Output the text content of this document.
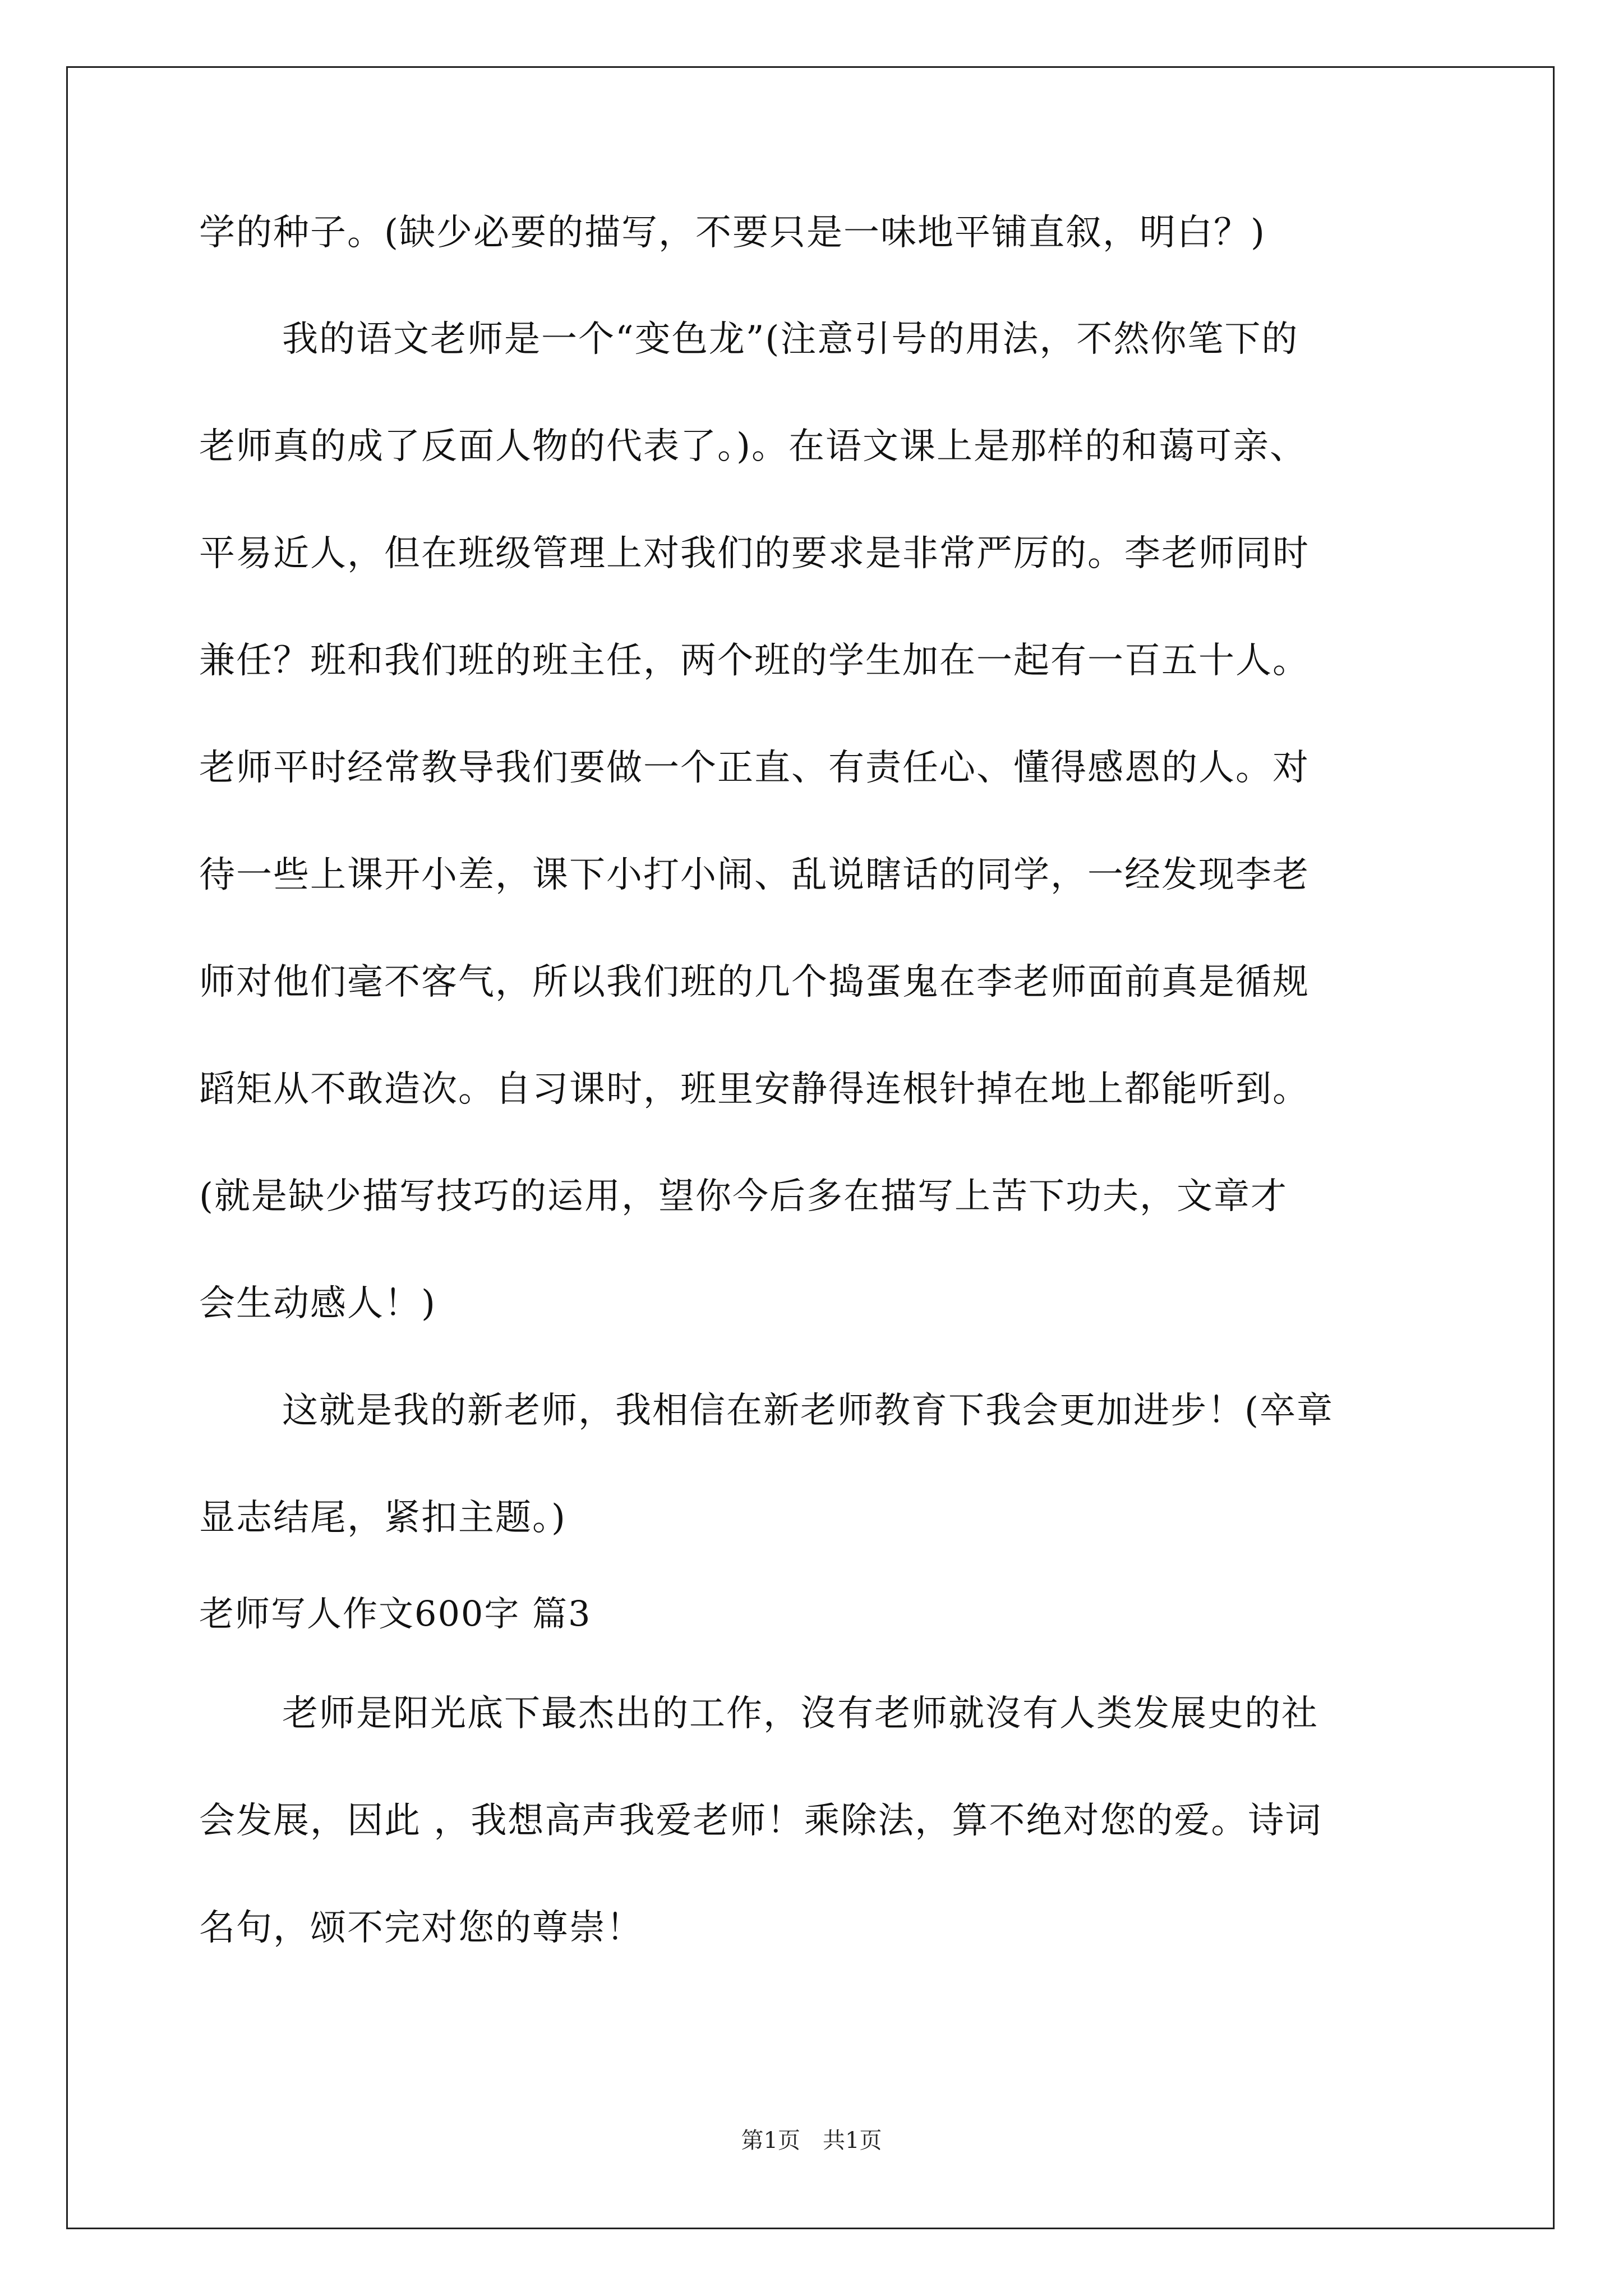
学的种子。(缺少必要的描写，不要只是一味地平铺直叙，明白？)
我的语文老师是一个“变色龙”(注意引号的用法，不然你笔下的
老师真的成了反面人物的代表了。)。在语文课上是那样的和蔼可亲、
平易近人，但在班级管理上对我们的要求是非常严厉的。李老师同时
兼任？班和我们班的班主任，两个班的学生加在一起有一百五十人。
老师平时经常教导我们要做一个正直、有责任心、懂得感恩的人。对
待一些上课开小差，课下小打小闹、乱说瞎话的同学，一经发现李老
师对他们毫不客气，所以我们班的几个捣蛋鬼在李老师面前真是循规
蹈矩从不敢造次。自习课时，班里安静得连根针掉在地上都能听到。
(就是缺少描写技巧的运用，望你今后多在描写上苦下功夫，文章才
会生动感人！)
这就是我的新老师，我相信在新老师教育下我会更加进步！(卒章
显志结尾，紧扣主题。)
老师写人作文600字 篇3
老师是阳光底下最杰出的工作，沒有老师就沒有人类发展史的社
会发展，因此 ，我想高声我爱老师！乘除法，算不绝对您的爱。诗词
名句，颂不完对您的尊崇！
第1页　共1页
